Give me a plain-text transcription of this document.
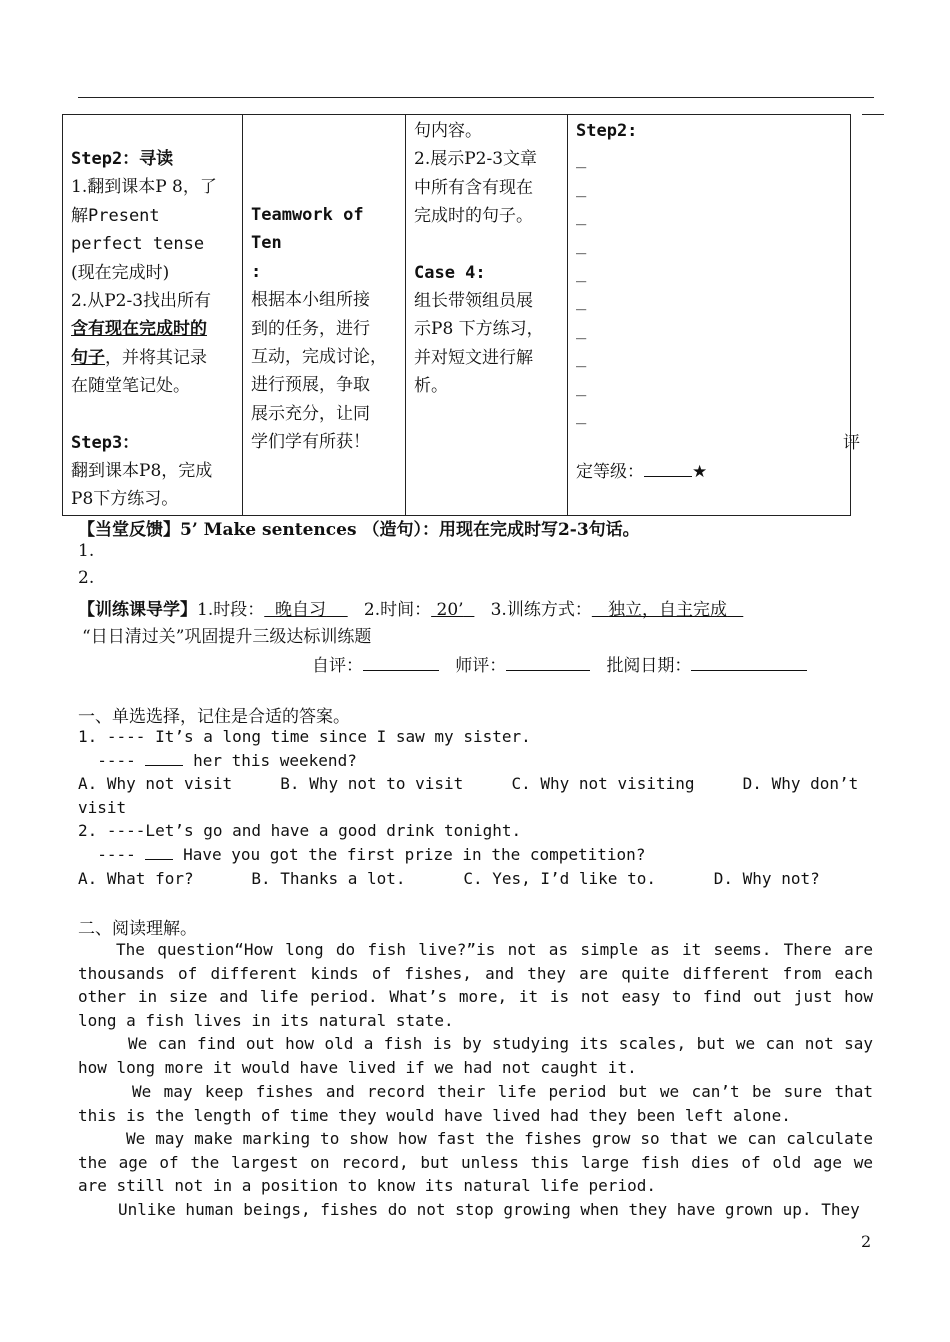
Step2：寻读
1.翻到课本P 8，了
解Present
perfect tense
(现在完成时)
2.从P2-3找出所有
含有现在完成时的
句子，并将其记录
在随堂笔记处。
Step3：
翻到课本P8，完成
P8下方练习。

Teamwork of Ten
:
根据本小组所接
到的任务，进行
互动，完成讨论，
进行预展，争取
展示充分，让同
学们学有所获！

句内容。
2.展示P2-3文章
中所有含有现在
完成时的句子。
Case 4:
组长带领组员展
示P8 下方练习，
并对短文进行解
析。

Step2:
_
_
_
_
_
_
_
_
_
_
评
定等级：	★
【当堂反馈】5’ Make sentences （造句）：用现在完成时写2-3句话。
1.
2.
【训练课导学】1.时段： 晚自习 2.时间： 20’ 3.训练方式： 独立，自主完成
“日日清过关”巩固提升三级达标训练题
自评：	师评：	批阅日期：
一、单选选择，记住是合适的答案。
1. ---- It’s a long time since I saw my sister.
----  her this weekend?
A. Why not visit     B. Why not to visit     C. Why not visiting     D. Why don’t
visit
2. ----Let’s go and have a good drink tonight.
----  Have you got the first prize in the competition?
A. What for?      B. Thanks a lot.      C. Yes, I’d like to.      D. Why not?
二、阅读理解。
The question“How long do fish live?”is not as simple as it seems. There are thousands of different kinds of fishes, and they are quite different from each other in size and life period. What’s more, it is not easy to find out just how long a fish lives in its natural state.
We can find out how old a fish is by studying its scales, but we can not say how long more it would have lived if we had not caught it.
We may keep fishes and record their life period but we can’t be sure that this is the length of time they would have lived had they been left alone.
We may make marking to show how fast the fishes grow so that we can calculate the age of the largest on record, but unless this large fish dies of old age we are still not in a position to know its natural life period.
Unlike human beings, fishes do not stop growing when they have grown up. They
2
